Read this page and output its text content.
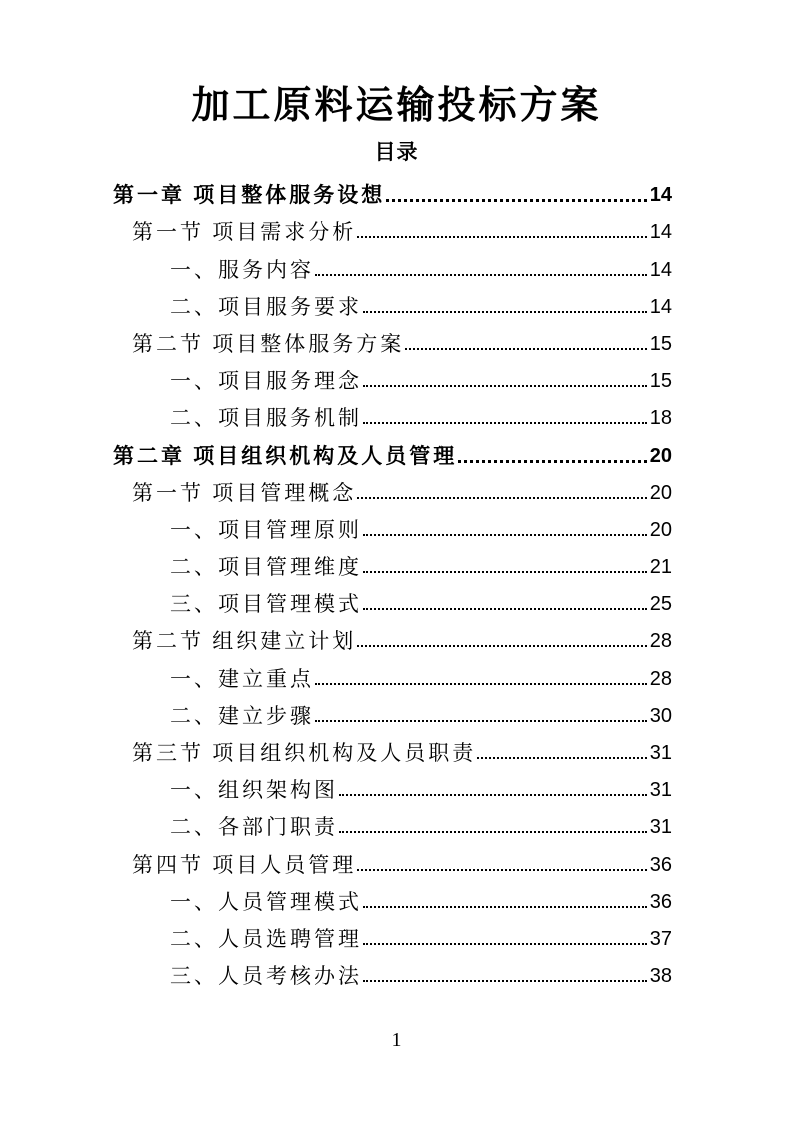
加工原料运输投标方案
目录
第一章 项目整体服务设想	14
第一节 项目需求分析	14
一、服务内容	14
二、项目服务要求	14
第二节 项目整体服务方案	15
一、项目服务理念	15
二、项目服务机制	18
第二章 项目组织机构及人员管理	20
第一节 项目管理概念	20
一、项目管理原则	20
二、项目管理维度	21
三、项目管理模式	25
第二节 组织建立计划	28
一、建立重点	28
二、建立步骤	30
第三节 项目组织机构及人员职责	31
一、组织架构图	31
二、各部门职责	31
第四节 项目人员管理	36
一、人员管理模式	36
二、人员选聘管理	37
三、人员考核办法	38
1
